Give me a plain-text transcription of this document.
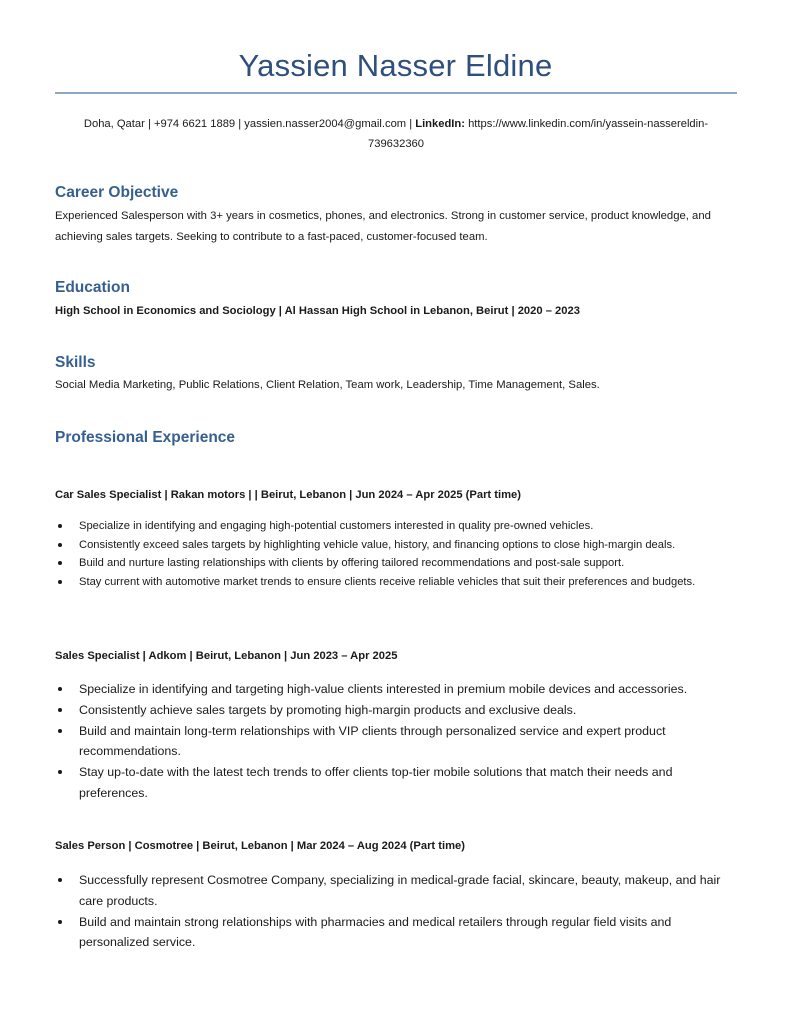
Yassien Nasser Eldine
Doha, Qatar | +974 6621 1889 | yassien.nasser2004@gmail.com | LinkedIn: https://www.linkedin.com/in/yassein-nassereldin-739632360
Career Objective
Experienced Salesperson with 3+ years in cosmetics, phones, and electronics. Strong in customer service, product knowledge, and achieving sales targets. Seeking to contribute to a fast-paced, customer-focused team.
Education
High School in Economics and Sociology | Al Hassan High School in Lebanon, Beirut | 2020 – 2023
Skills
Social Media Marketing, Public Relations, Client Relation, Team work, Leadership, Time Management, Sales.
Professional Experience
Car Sales Specialist | Rakan motors | | Beirut, Lebanon | Jun 2024 – Apr 2025 (Part time)
Specialize in identifying and engaging high-potential customers interested in quality pre-owned vehicles.
Consistently exceed sales targets by highlighting vehicle value, history, and financing options to close high-margin deals.
Build and nurture lasting relationships with clients by offering tailored recommendations and post-sale support.
Stay current with automotive market trends to ensure clients receive reliable vehicles that suit their preferences and budgets.
Sales Specialist | Adkom | Beirut, Lebanon | Jun 2023 – Apr 2025
Specialize in identifying and targeting high-value clients interested in premium mobile devices and accessories.
Consistently achieve sales targets by promoting high-margin products and exclusive deals.
Build and maintain long-term relationships with VIP clients through personalized service and expert product recommendations.
Stay up-to-date with the latest tech trends to offer clients top-tier mobile solutions that match their needs and preferences.
Sales Person | Cosmotree | Beirut, Lebanon | Mar 2024 – Aug 2024 (Part time)
Successfully represent Cosmotree Company, specializing in medical-grade facial, skincare, beauty, makeup, and hair care products.
Build and maintain strong relationships with pharmacies and medical retailers through regular field visits and personalized service.
